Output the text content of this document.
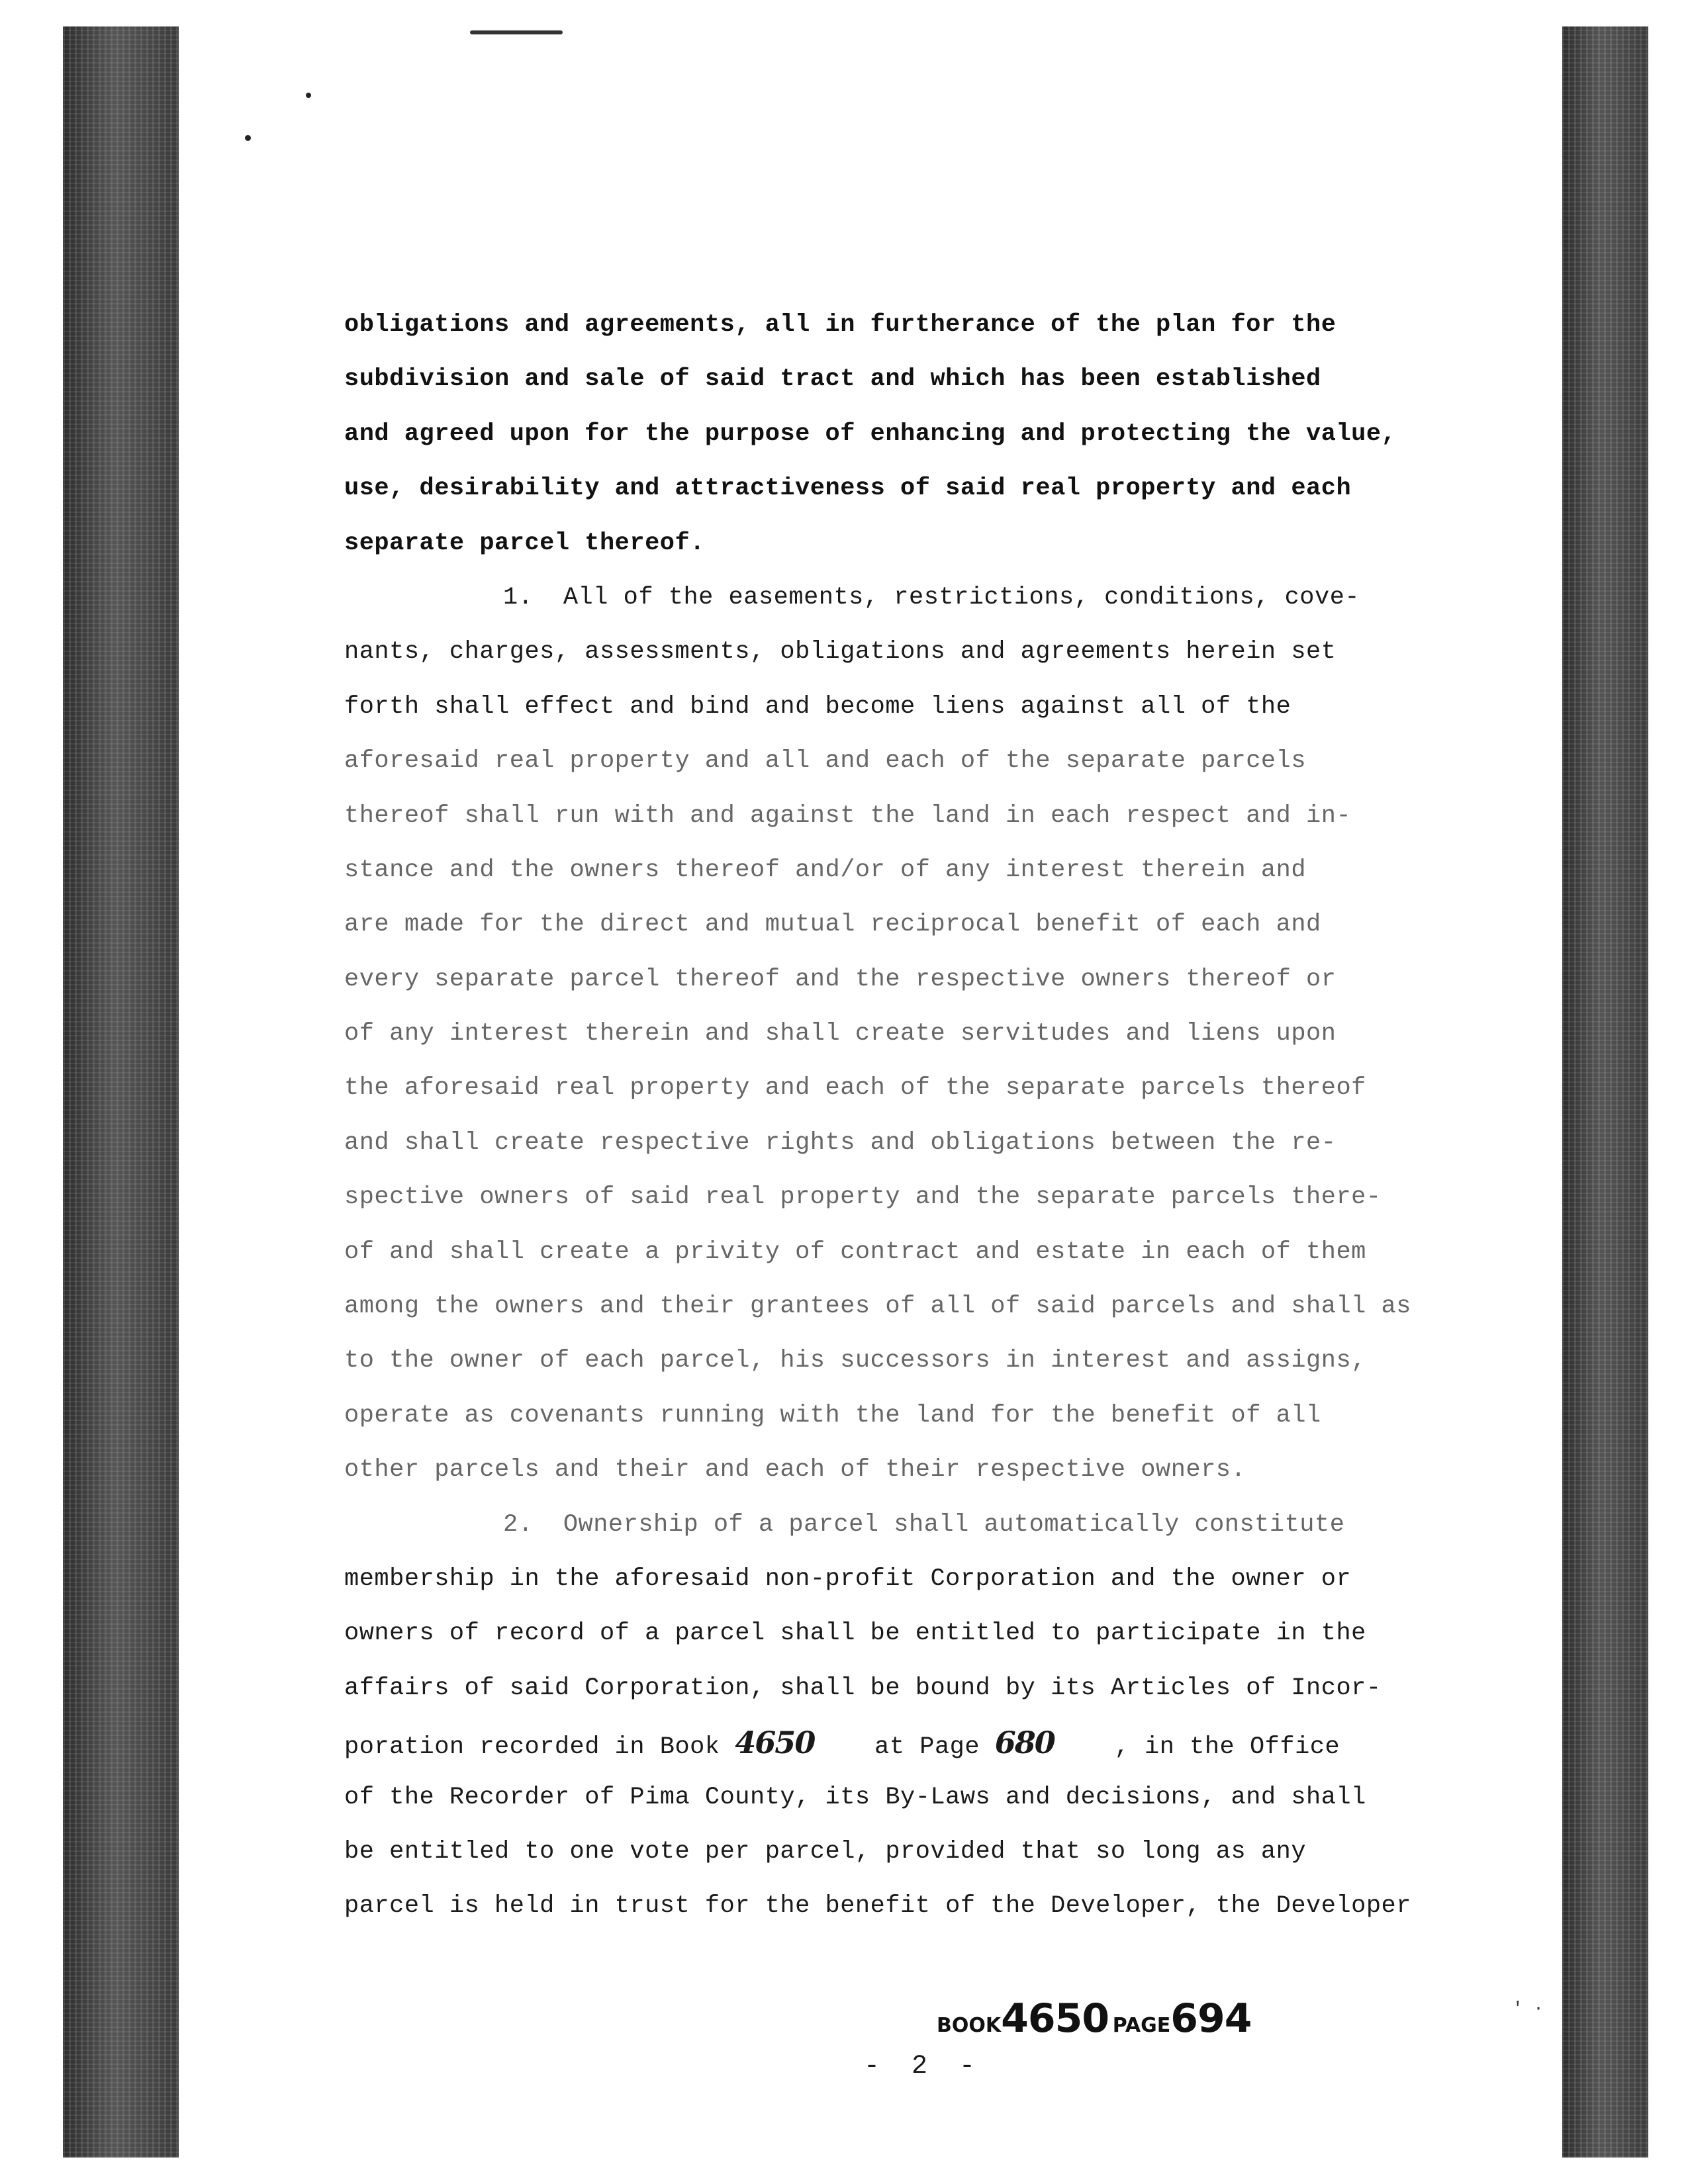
obligations and agreements, all in furtherance of the plan for the
subdivision and sale of said tract and which has been established
and agreed upon for the purpose of enhancing and protecting the value,
use, desirability and attractiveness of said real property and each
separate parcel thereof.
1.  All of the easements, restrictions, conditions, cove-
nants, charges, assessments, obligations and agreements herein set
forth shall effect and bind and become liens against all of the
aforesaid real property and all and each of the separate parcels
thereof shall run with and against the land in each respect and in-
stance and the owners thereof and/or of any interest therein and
are made for the direct and mutual reciprocal benefit of each and
every separate parcel thereof and the respective owners thereof or
of any interest therein and shall create servitudes and liens upon
the aforesaid real property and each of the separate parcels thereof
and shall create respective rights and obligations between the re-
spective owners of said real property and the separate parcels there-
of and shall create a privity of contract and estate in each of them
among the owners and their grantees of all of said parcels and shall as
to the owner of each parcel, his successors in interest and assigns,
operate as covenants running with the land for the benefit of all
other parcels and their and each of their respective owners.
2.  Ownership of a parcel shall automatically constitute
membership in the aforesaid non-profit Corporation and the owner or
owners of record of a parcel shall be entitled to participate in the
affairs of said Corporation, shall be bound by its Articles of Incor-
poration recorded in Book 4650    at Page 680    , in the Office
of the Recorder of Pima County, its By-Laws and decisions, and shall
be entitled to one vote per parcel, provided that so long as any
parcel is held in trust for the benefit of the Developer, the Developer
BOOK4650 PAGE694
- 2 -
' ·
